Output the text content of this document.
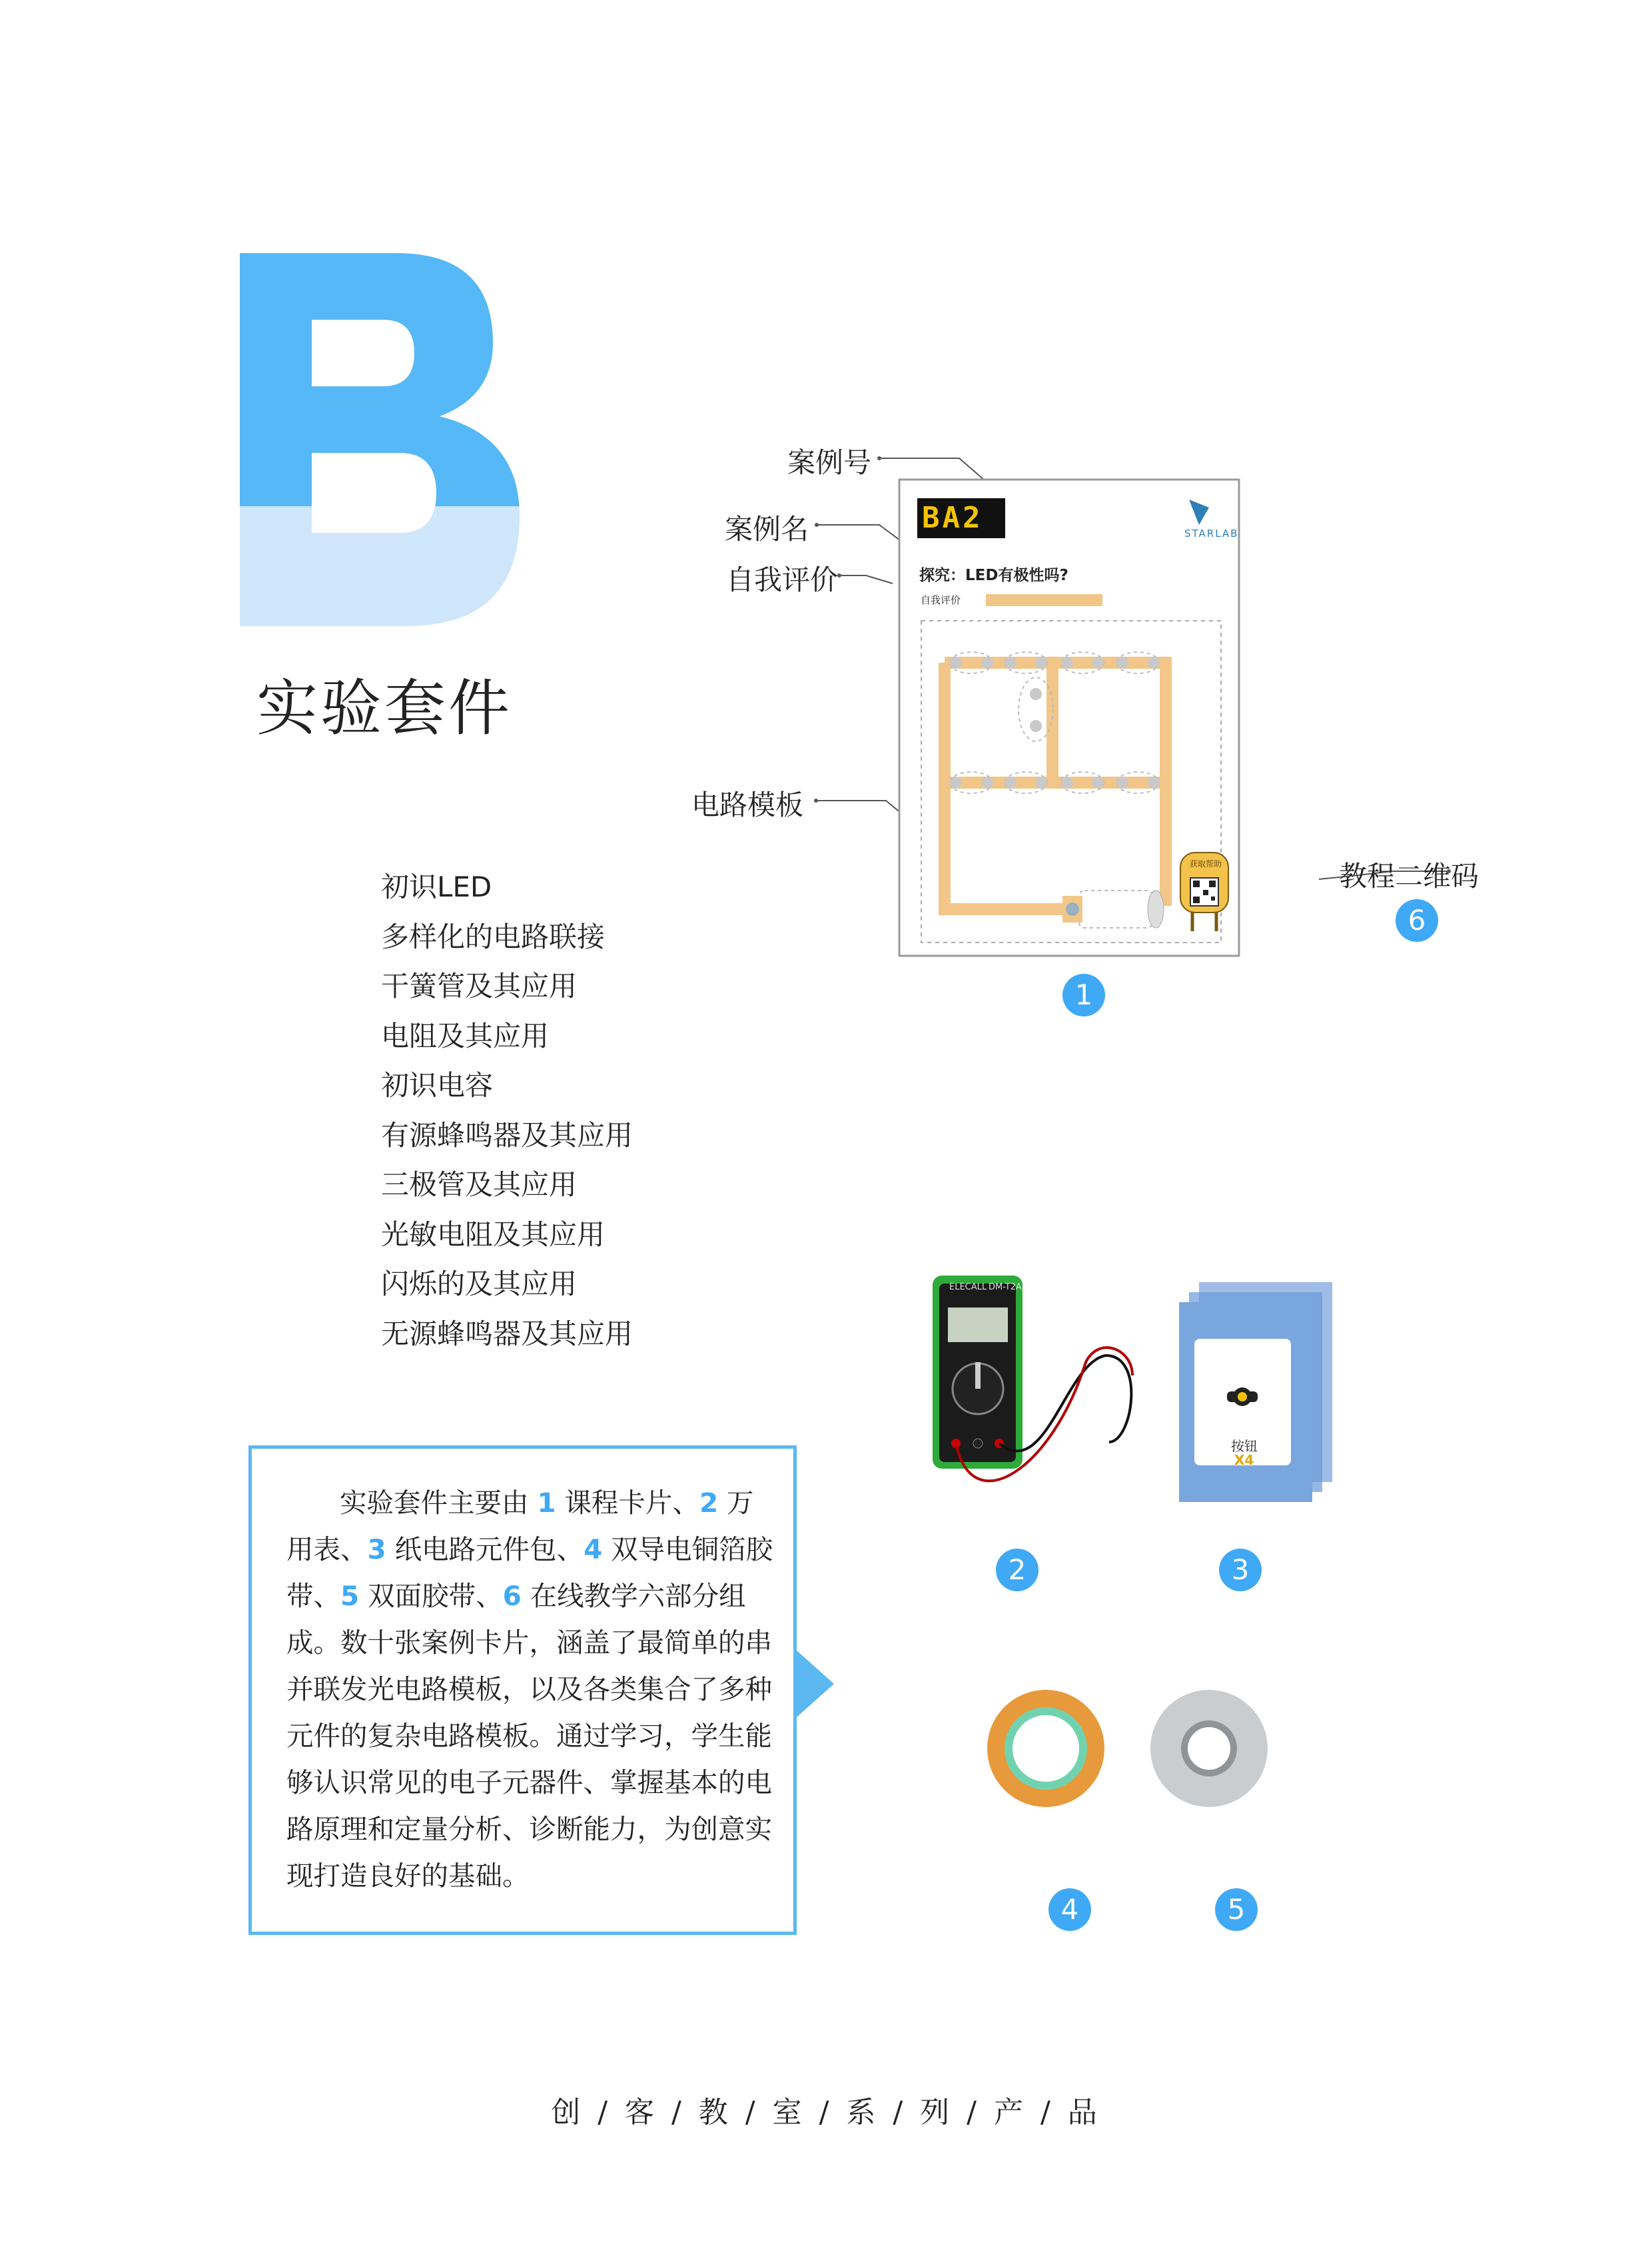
实验套件
初识LED
多样化的电路联接
干簧管及其应用
电阻及其应用
初识电容
有源蜂鸣器及其应用
三极管及其应用
光敏电阻及其应用
闪烁的及其应用
无源蜂鸣器及其应用
案例号
案例名
自我评价
电路模板
教程二维码
BA2	STARLAB
探究：LED有极性吗?
自我评价
获取帮助
1
6
ELECALL DM-T2A
按钮
X4
2	3
4	5
实验套件主要由 1 课程卡片、2 万用表、3 纸电路元件包、4 双导电铜箔胶带、5 双面胶带、6 在线教学六部分组成。数十张案例卡片，涵盖了最简单的串并联发光电路模板，以及各类集合了多种元件的复杂电路模板。通过学习，学生能够认识常见的电子元器件、掌握基本的电路原理和定量分析、诊断能力，为创意实现打造良好的基础。
创 / 客 / 教 / 室 / 系 / 列 / 产 / 品
